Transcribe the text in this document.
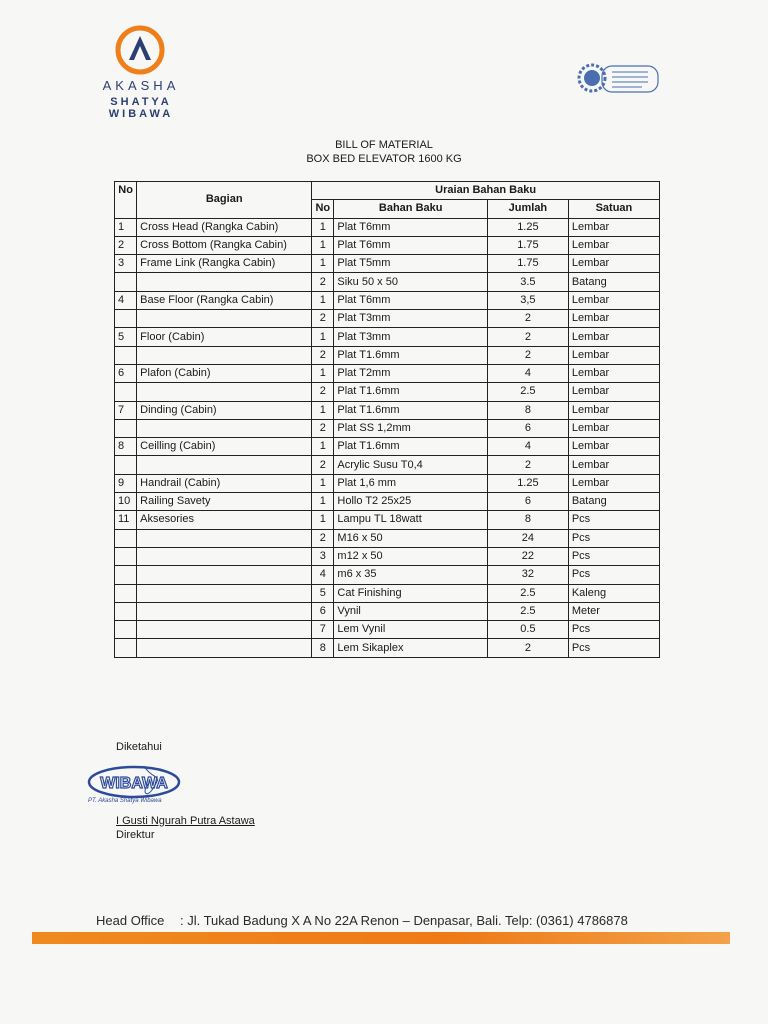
AKASHA
SHATYA WIBAWA
BILL OF MATERIAL
BOX BED ELEVATOR 1600 KG
No	Bagian	Uraian Bahan Baku			
		No	Bahan Baku	Jumlah	Satuan
1	Cross Head (Rangka Cabin)	1	Plat T6mm	1.25	Lembar
2	Cross Bottom (Rangka Cabin)	1	Plat T6mm	1.75	Lembar
3	Frame Link (Rangka Cabin)	1	Plat T5mm	1.75	Lembar
		2	Siku 50 x 50	3.5	Batang
4	Base Floor (Rangka Cabin)	1	Plat T6mm	3,5	Lembar
		2	Plat T3mm	2	Lembar
5	Floor (Cabin)	1	Plat T3mm	2	Lembar
		2	Plat T1.6mm	2	Lembar
6	Plafon (Cabin)	1	Plat T2mm	4	Lembar
		2	Plat T1.6mm	2.5	Lembar
7	Dinding (Cabin)	1	Plat T1.6mm	8	Lembar
		2	Plat SS 1,2mm	6	Lembar
8	Ceilling (Cabin)	1	Plat T1.6mm	4	Lembar
		2	Acrylic Susu T0,4	2	Lembar
9	Handrail (Cabin)	1	Plat 1,6 mm	1.25	Lembar
10	Railing Savety	1	Hollo T2 25x25	6	Batang
11	Aksesories	1	Lampu TL 18watt	8	Pcs
		2	M16 x 50	24	Pcs
		3	m12 x 50	22	Pcs
		4	m6 x 35	32	Pcs
		5	Cat Finishing	2.5	Kaleng
		6	Vynil	2.5	Meter
		7	Lem Vynil	0.5	Pcs
		8	Lem Sikaplex	2	Pcs
Diketahui
WIBAWA
PT. Akasha Shatya Wibawa
I Gusti Ngurah Putra Astawa
Direktur
Head Office : Jl. Tukad Badung X A No 22A Renon – Denpasar, Bali. Telp: (0361) 4786878
